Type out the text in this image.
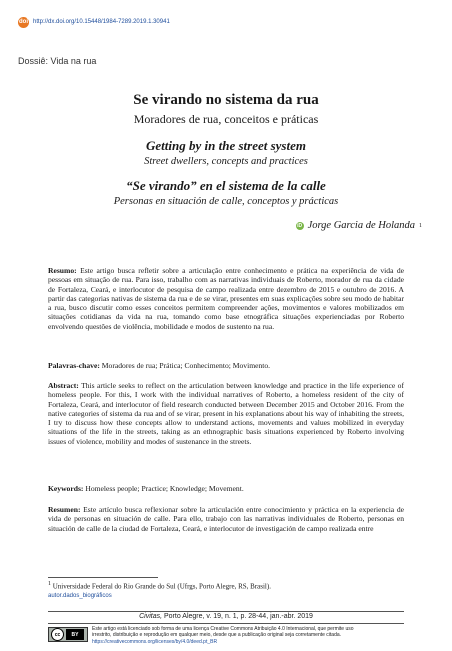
doi http://dx.doi.org/10.15448/1984-7289.2019.1.30941
Dossiê: Vida na rua
Se virando no sistema da rua
Moradores de rua, conceitos e práticas
Getting by in the street system
Street dwellers, concepts and practices
“Se virando” en el sistema de la calle
Personas en situación de calle, conceptos y prácticas
iD Jorge Garcia de Holanda 1
Resumo: Este artigo busca refletir sobre a articulação entre conhecimento e prática na experiência de vida de pessoas em situação de rua. Para isso, trabalho com as narrativas individuais de Roberto, morador de rua da cidade de Fortaleza, Ceará, e interlocutor de pesquisa de campo realizada entre dezembro de 2015 e outubro de 2016. A partir das categorias nativas de sistema da rua e de se virar, presentes em suas explicações sobre seu modo de habitar a rua, busco discutir como esses conceitos permitem compreender ações, movimentos e valores mobilizados em situações cotidianas da vida na rua, tomando como base etnográfica situações experienciadas por Roberto envolvendo questões de violência, mobilidade e modos de sustento na rua.
Palavras-chave: Moradores de rua; Prática; Conhecimento; Movimento.
Abstract: This article seeks to reflect on the articulation between knowledge and practice in the life experience of homeless people. For this, I work with the individual narratives of Roberto, a homeless resident of the city of Fortaleza, Ceará, and interlocutor of field research conducted between December 2015 and October 2016. From the native categories of sistema da rua and of se virar, present in his explanations about his way of inhabiting the streets, I try to discuss how these concepts allow to understand actions, movements and values mobilized in everyday situations of the life in the streets, taking as an ethnographic basis situations experienced by Roberto involving issues of violence, mobility and modes of sustenance in the streets.
Keywords: Homeless people; Practice; Knowledge; Movement.
Resumen: Este artículo busca reflexionar sobre la articulación entre conocimiento y práctica en la experiencia de vida de personas en situación de calle. Para ello, trabajo con las narrativas individuales de Roberto, personas en situación de calle de la ciudad de Fortaleza, Ceará, e interlocutor de investigación de campo realizada entre
1 Universidade Federal do Rio Grande do Sul (Ufrgs, Porto Alegre, RS, Brasil).
autor.dados_biográficos
Civitas, Porto Alegre, v. 19, n. 1, p. 28-44, jan.-abr. 2019
cc	BY
Este artigo está licenciado sob forma de uma licença Creative Commons Atribuição 4.0 Internacional, que permite uso
irrestrito, distribuição e reprodução em qualquer meio, desde que a publicação original seja corretamente citada.
https://creativecommons.org/licenses/by/4.0/deed.pt_BR
